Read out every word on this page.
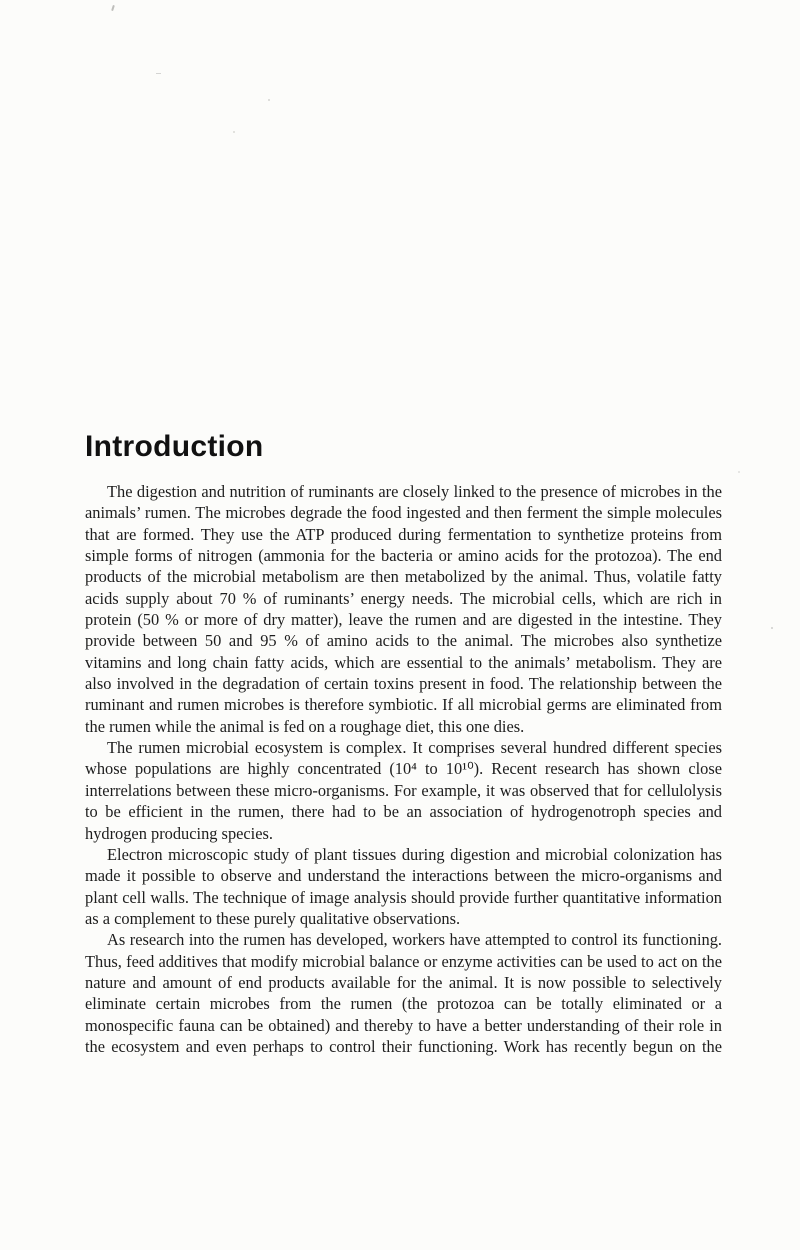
Introduction

The digestion and nutrition of ruminants are closely linked to the presence of microbes in the animals’ rumen. The microbes degrade the food ingested and then ferment the simple molecules that are formed. They use the ATP produced during fermentation to synthetize proteins from simple forms of nitrogen (ammonia for the bacteria or amino acids for the protozoa). The end products of the microbial metabolism are then metabolized by the animal. Thus, volatile fatty acids supply about 70 % of ruminants’ energy needs. The microbial cells, which are rich in protein (50 % or more of dry matter), leave the rumen and are digested in the intestine. They provide between 50 and 95 % of amino acids to the animal. The microbes also synthetize vitamins and long chain fatty acids, which are essential to the animals’ metabolism. They are also involved in the degradation of certain toxins present in food. The relationship between the ruminant and rumen microbes is therefore symbiotic. If all microbial germs are eliminated from the rumen while the animal is fed on a roughage diet, this one dies.

The rumen microbial ecosystem is complex. It comprises several hundred different species whose populations are highly concentrated (10⁴ to 10¹⁰). Recent research has shown close interrelations between these micro-organisms. For example, it was observed that for cellulolysis to be efficient in the rumen, there had to be an association of hydrogenotroph species and hydrogen producing species.

Electron microscopic study of plant tissues during digestion and microbial colonization has made it possible to observe and understand the interactions between the micro-organisms and plant cell walls. The technique of image analysis should provide further quantitative information as a complement to these purely qualitative observations.

As research into the rumen has developed, workers have attempted to control its functioning. Thus, feed additives that modify microbial balance or enzyme activities can be used to act on the nature and amount of end products available for the animal. It is now possible to selectively eliminate certain microbes from the rumen (the protozoa can be totally eliminated or a monospecific fauna can be obtained) and thereby to have a better understanding of their role in the ecosystem and even perhaps to control their functioning. Work has recently begun on the
